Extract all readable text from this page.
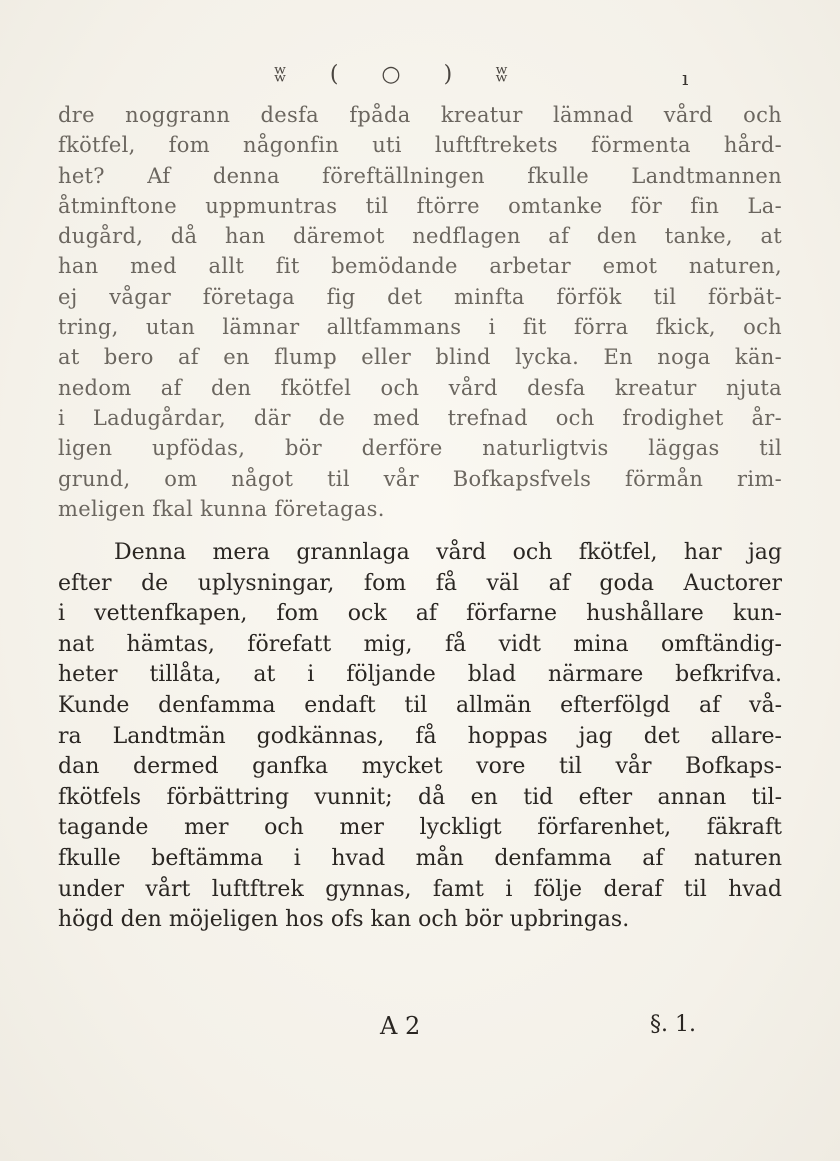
ʬ ( ○ ) ʬ	ı
dre noggrann desfa fpåda kreatur lämnad vård och
fkötfel, fom någonfin uti luftftrekets förmenta hård-
het? Af denna föreftällningen fkulle Landtmannen
åtminftone uppmuntras til ftörre omtanke för fin La-
dugård, då han däremot nedflagen af den tanke, at
han med allt fit bemödande arbetar emot naturen,
ej vågar företaga fig det minfta förfök til förbät-
tring, utan lämnar alltfammans i fit förra fkick, och
at bero af en flump eller blind lycka. En noga kän-
nedom af den fkötfel och vård desfa kreatur njuta
i Ladugårdar, där de med trefnad och frodighet år-
ligen upfödas, bör derföre naturligtvis läggas til
grund, om något til vår Bofkapsfvels förmån rim-
meligen fkal kunna företagas.
Denna mera grannlaga vård och fkötfel, har jag
efter de uplysningar, fom få väl af goda Auctorer
i vettenfkapen, fom ock af förfarne hushållare kun-
nat hämtas, förefatt mig, få vidt mina omftändig-
heter tillåta, at i följande blad närmare befkrifva.
Kunde denfamma endaft til allmän efterfölgd af vå-
ra Landtmän godkännas, få hoppas jag det allare-
dan dermed ganfka mycket vore til vår Bofkaps-
fkötfels förbättring vunnit; då en tid efter annan til-
tagande mer och mer lyckligt förfarenhet, fäkraft
fkulle beftämma i hvad mån denfamma af naturen
under vårt luftftrek gynnas, famt i följe deraf til hvad
högd den möjeligen hos ofs kan och bör upbringas.
A 2	§. 1.
